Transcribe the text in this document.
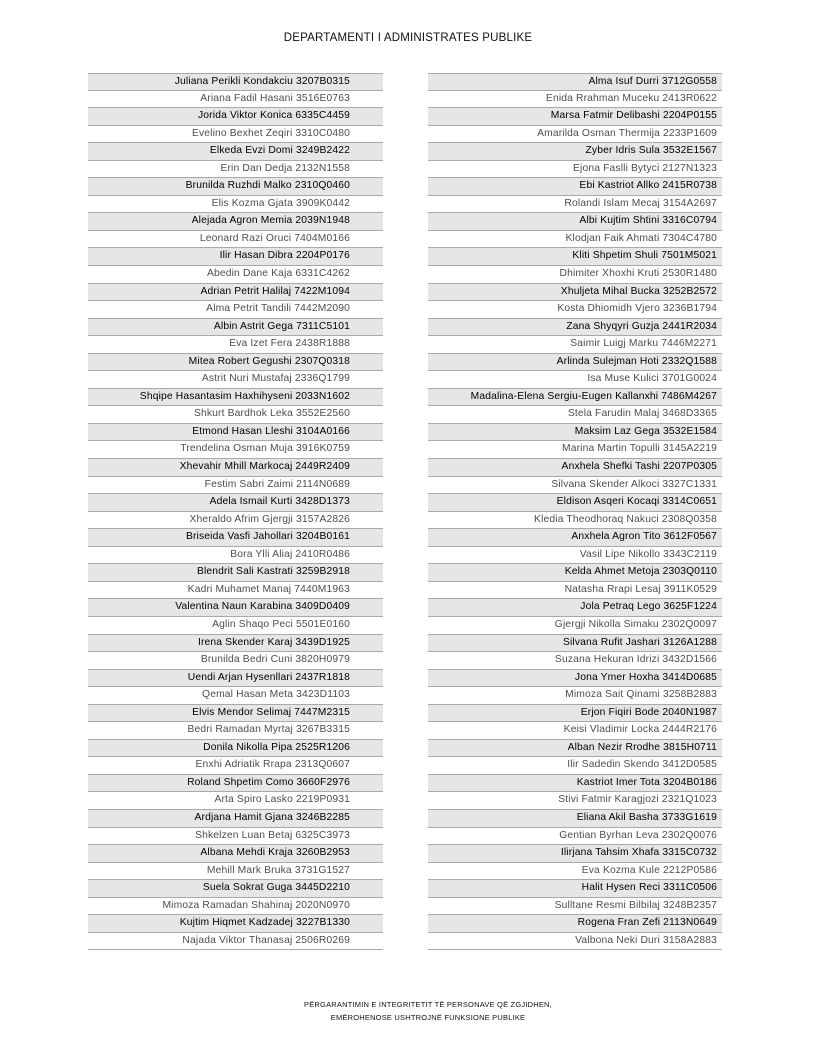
DEPARTAMENTI I ADMINISTRATES PUBLIKE
Juliana Perikli Kondakciu 3207B0315
Ariana Fadil Hasani 3516E0763
Jorida Viktor Konica 6335C4459
Evelino Bexhet Zeqiri 3310C0480
Elkeda Evzi Domi 3249B2422
Erin Dan Dedja 2132N1558
Brunilda Ruzhdi Malko 2310Q0460
Elis Kozma Gjata 3909K0442
Alejada Agron Memia 2039N1948
Leonard Razi Oruci 7404M0166
Ilir Hasan Dibra 2204P0176
Abedin Dane Kaja 6331C4262
Adrian Petrit Halilaj 7422M1094
Alma Petrit Tandili 7442M2090
Albin Astrit Gega 7311C5101
Eva Izet Fera 2438R1888
Mitea Robert Gegushi 2307Q0318
Astrit Nuri Mustafaj 2336Q1799
Shqipe Hasantasim Haxhihyseni 2033N1602
Shkurt Bardhok Leka 3552E2560
Etmond Hasan Lleshi 3104A0166
Trendelina Osman Muja 3916K0759
Xhevahir Mhill Markocaj 2449R2409
Festim Sabri Zaimi 2114N0689
Adela Ismail Kurti 3428D1373
Xheraldo Afrim Gjergji 3157A2826
Briseida Vasfi Jahollari 3204B0161
Bora Ylli Aliaj 2410R0486
Blendrit Sali Kastrati 3259B2918
Kadri Muhamet Manaj 7440M1963
Valentina Naun Karabina 3409D0409
Aglin Shaqo Peci 5501E0160
Irena Skender Karaj 3439D1925
Brunilda Bedri Cuni 3820H0979
Uendi Arjan Hysenllari 2437R1818
Qemal Hasan Meta 3423D1103
Elvis Mendor Selimaj 7447M2315
Bedri Ramadan Myrtaj 3267B3315
Donila Nikolla Pipa 2525R1206
Enxhi Adriatik Rrapa 2313Q0607
Roland Shpetim Como 3660F2976
Arta Spiro Lasko 2219P0931
Ardjana Hamit Gjana 3246B2285
Shkelzen Luan Betaj 6325C3973
Albana Mehdi Kraja 3260B2953
Mehill Mark Bruka 3731G1527
Suela Sokrat Guga 3445D2210
Mimoza Ramadan Shahinaj 2020N0970
Kujtim Hiqmet Kadzadej 3227B1330
Najada Viktor Thanasaj 2506R0269
Alma Isuf Durri 3712G0558
Enida Rrahman Muceku 2413R0622
Marsa Fatmir Delibashi 2204P0155
Amarilda Osman Thermija 2233P1609
Zyber Idris Sula 3532E1567
Ejona Faslli Bytyci 2127N1323
Ebi Kastriot Allko 2415R0738
Rolandi Islam Mecaj 3154A2697
Albi Kujtim Shtini 3316C0794
Klodjan Faik Ahmati 7304C4780
Kliti Shpetim Shuli 7501M5021
Dhimiter Xhoxhi Kruti 2530R1480
Xhuljeta Mihal Bucka 3252B2572
Kosta Dhiomidh Vjero 3236B1794
Zana Shyqyri Guzja 2441R2034
Saimir Luigj Marku 7446M2271
Arlinda Sulejman Hoti 2332Q1588
Isa Muse Kulici 3701G0024
Madalina-Elena Sergiu-Eugen Kallanxhi 7486M4267
Stela Farudin Malaj 3468D3365
Maksim Laz Gega 3532E1584
Marina Martin Topulli 3145A2219
Anxhela Shefki Tashi 2207P0305
Silvana Skender Alkoci 3327C1331
Eldison Asqeri Kocaqi 3314C0651
Kledia Theodhoraq Nakuci 2308Q0358
Anxhela Agron Tito 3612F0567
Vasil Lipe Nikollo 3343C2119
Kelda Ahmet Metoja 2303Q0110
Natasha Rrapi Lesaj 3911K0529
Jola Petraq Lego 3625F1224
Gjergji Nikolla Simaku 2302Q0097
Silvana Rufit Jashari 3126A1288
Suzana Hekuran Idrizi 3432D1566
Jona Ymer Hoxha 3414D0685
Mimoza Sait Qinami 3258B2883
Erjon Fiqiri Bode 2040N1987
Keisi Vladimir Locka 2444R2176
Alban Nezir Rrodhe 3815H0711
Ilir Sadedin Skendo 3412D0585
Kastriot Imer Tota 3204B0186
Stivi Fatmir Karagjozi 2321Q1023
Eliana Akil Basha 3733G1619
Gentian Byrhan Leva 2302Q0076
Ilirjana Tahsim Xhafa 3315C0732
Eva Kozma Kule 2212P0586
Halit Hysen Reci 3311C0506
Sulltane Resmi Bilbilaj 3248B2357
Rogena Fran Zefi 2113N0649
Valbona Neki Duri 3158A2883
PËRGARANTIMIN E INTEGRITETIT TË PERSONAVE QË ZGJIDHEN,
EMËROHENOSE USHTROJNË FUNKSIONE PUBLIKE
